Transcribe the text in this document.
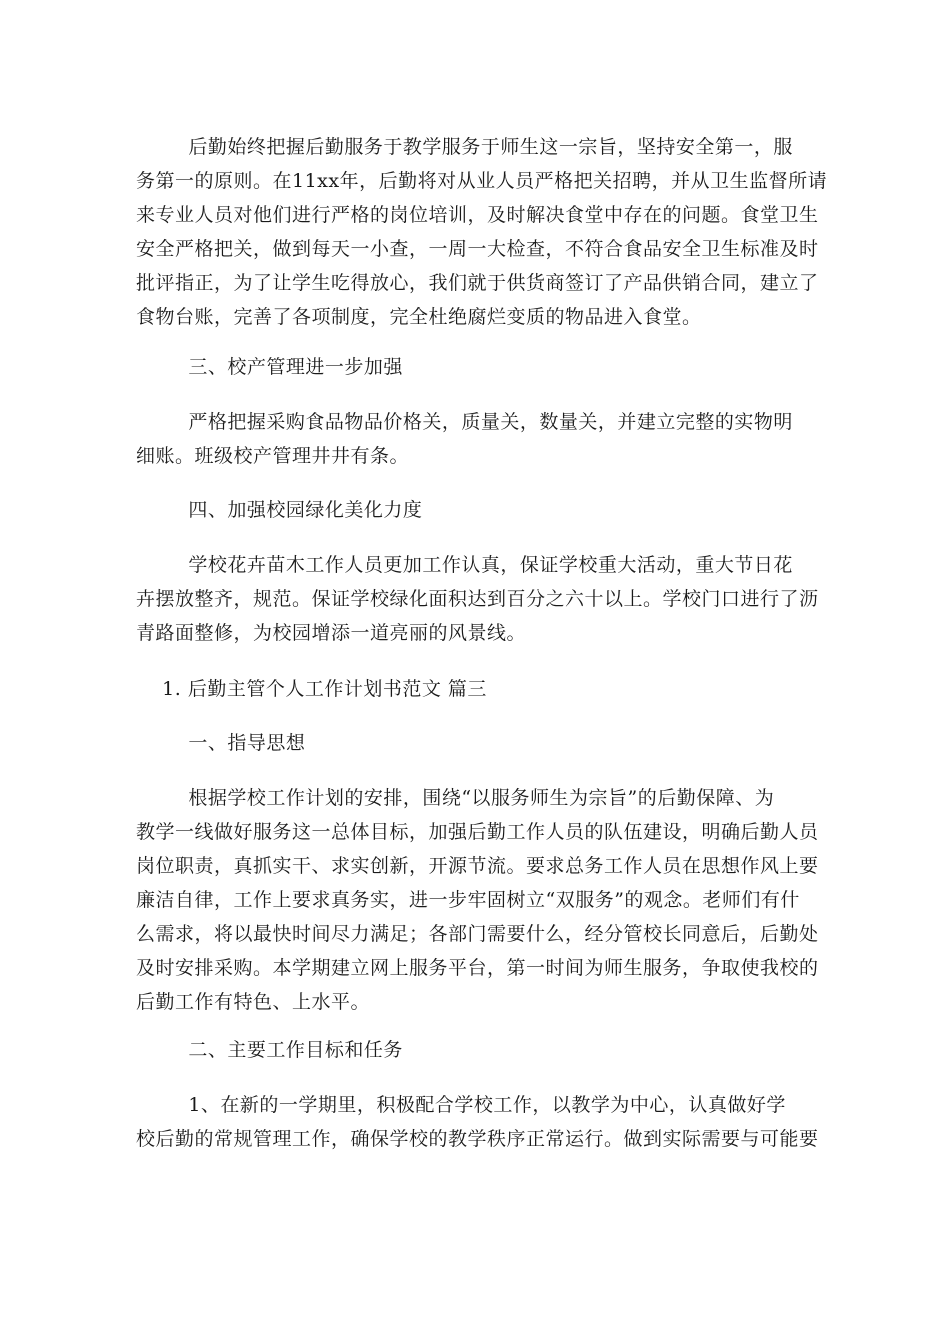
后勤始终把握后勤服务于教学服务于师生这一宗旨，坚持安全第一，服
务第一的原则。在11xx年，后勤将对从业人员严格把关招聘，并从卫生监督所请
来专业人员对他们进行严格的岗位培训，及时解决食堂中存在的问题。食堂卫生
安全严格把关，做到每天一小查，一周一大检查，不符合食品安全卫生标准及时
批评指正，为了让学生吃得放心，我们就于供货商签订了产品供销合同，建立了
食物台账，完善了各项制度，完全杜绝腐烂变质的物品进入食堂。
三、校产管理进一步加强
严格把握采购食品物品价格关，质量关，数量关，并建立完整的实物明
细账。班级校产管理井井有条。
四、加强校园绿化美化力度
学校花卉苗木工作人员更加工作认真，保证学校重大活动，重大节日花
卉摆放整齐，规范。保证学校绿化面积达到百分之六十以上。学校门口进行了沥
青路面整修，为校园增添一道亮丽的风景线。
1. 后勤主管个人工作计划书范文 篇三
一、指导思想
根据学校工作计划的安排，围绕“以服务师生为宗旨”的后勤保障、为
教学一线做好服务这一总体目标，加强后勤工作人员的队伍建设，明确后勤人员
岗位职责，真抓实干、求实创新，开源节流。要求总务工作人员在思想作风上要
廉洁自律，工作上要求真务实，进一步牢固树立“双服务”的观念。老师们有什
么需求，将以最快时间尽力满足；各部门需要什么，经分管校长同意后，后勤处
及时安排采购。本学期建立网上服务平台，第一时间为师生服务，争取使我校的
后勤工作有特色、上水平。
二、主要工作目标和任务
1、在新的一学期里，积极配合学校工作，以教学为中心，认真做好学
校后勤的常规管理工作，确保学校的教学秩序正常运行。做到实际需要与可能要
